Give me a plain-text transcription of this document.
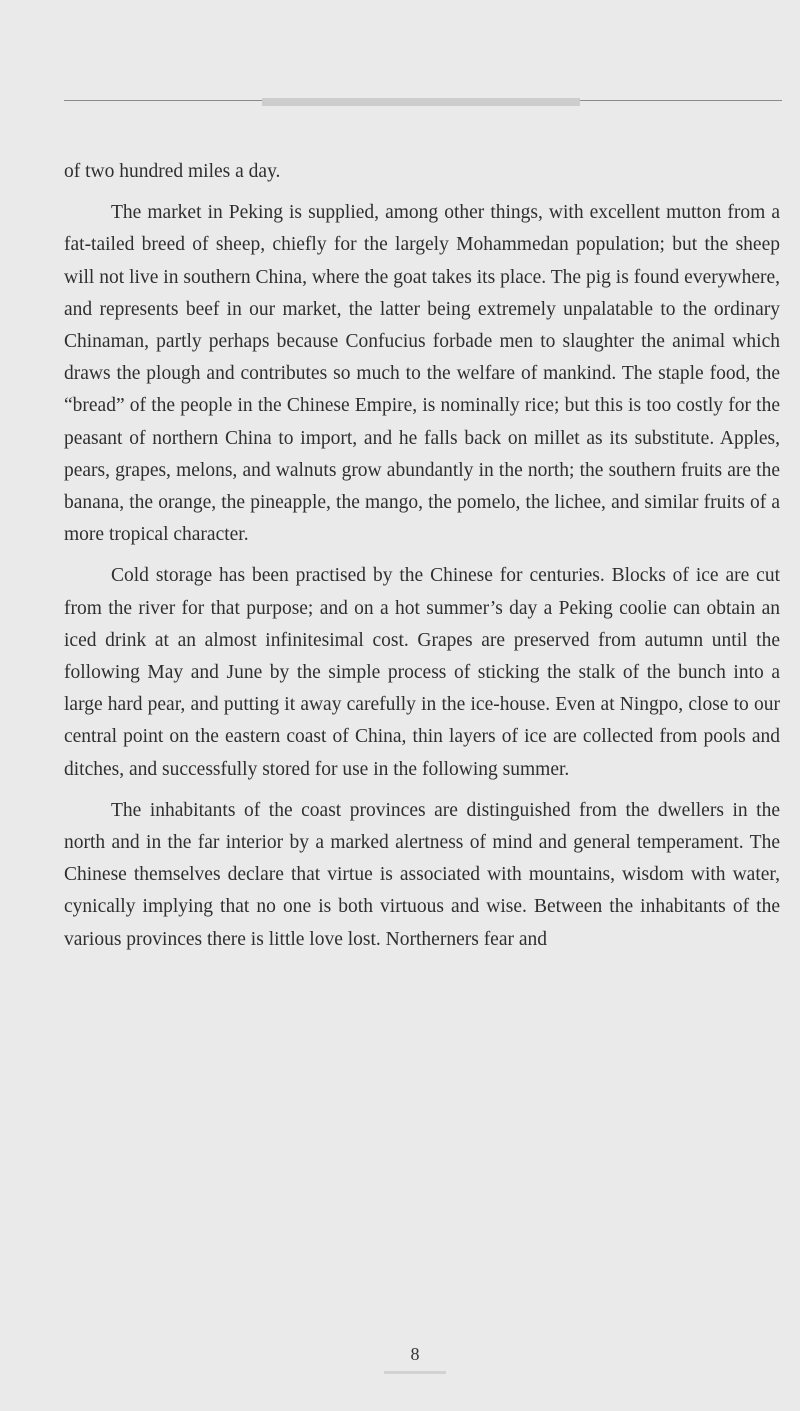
of two hundred miles a day.

The market in Peking is supplied, among other things, with excellent mutton from a fat-tailed breed of sheep, chiefly for the largely Mohammedan population; but the sheep will not live in southern China, where the goat takes its place. The pig is found everywhere, and represents beef in our market, the latter being extremely unpalatable to the ordinary Chinaman, partly perhaps because Confucius forbade men to slaughter the animal which draws the plough and contributes so much to the welfare of mankind. The staple food, the “bread” of the people in the Chinese Empire, is nominally rice; but this is too costly for the peasant of northern China to import, and he falls back on millet as its substitute. Apples, pears, grapes, melons, and walnuts grow abundantly in the north; the southern fruits are the banana, the orange, the pineapple, the mango, the pomelo, the lichee, and similar fruits of a more tropical character.

Cold storage has been practised by the Chinese for centuries. Blocks of ice are cut from the river for that purpose; and on a hot summer’s day a Peking coolie can obtain an iced drink at an almost infinitesimal cost. Grapes are preserved from autumn until the following May and June by the simple process of sticking the stalk of the bunch into a large hard pear, and putting it away carefully in the ice-house. Even at Ningpo, close to our central point on the eastern coast of China, thin layers of ice are collected from pools and ditches, and successfully stored for use in the following summer.

The inhabitants of the coast provinces are distinguished from the dwellers in the north and in the far interior by a marked alertness of mind and general temperament. The Chinese themselves declare that virtue is associated with mountains, wisdom with water, cynically implying that no one is both virtuous and wise. Between the inhabitants of the various provinces there is little love lost. Northerners fear and

8
